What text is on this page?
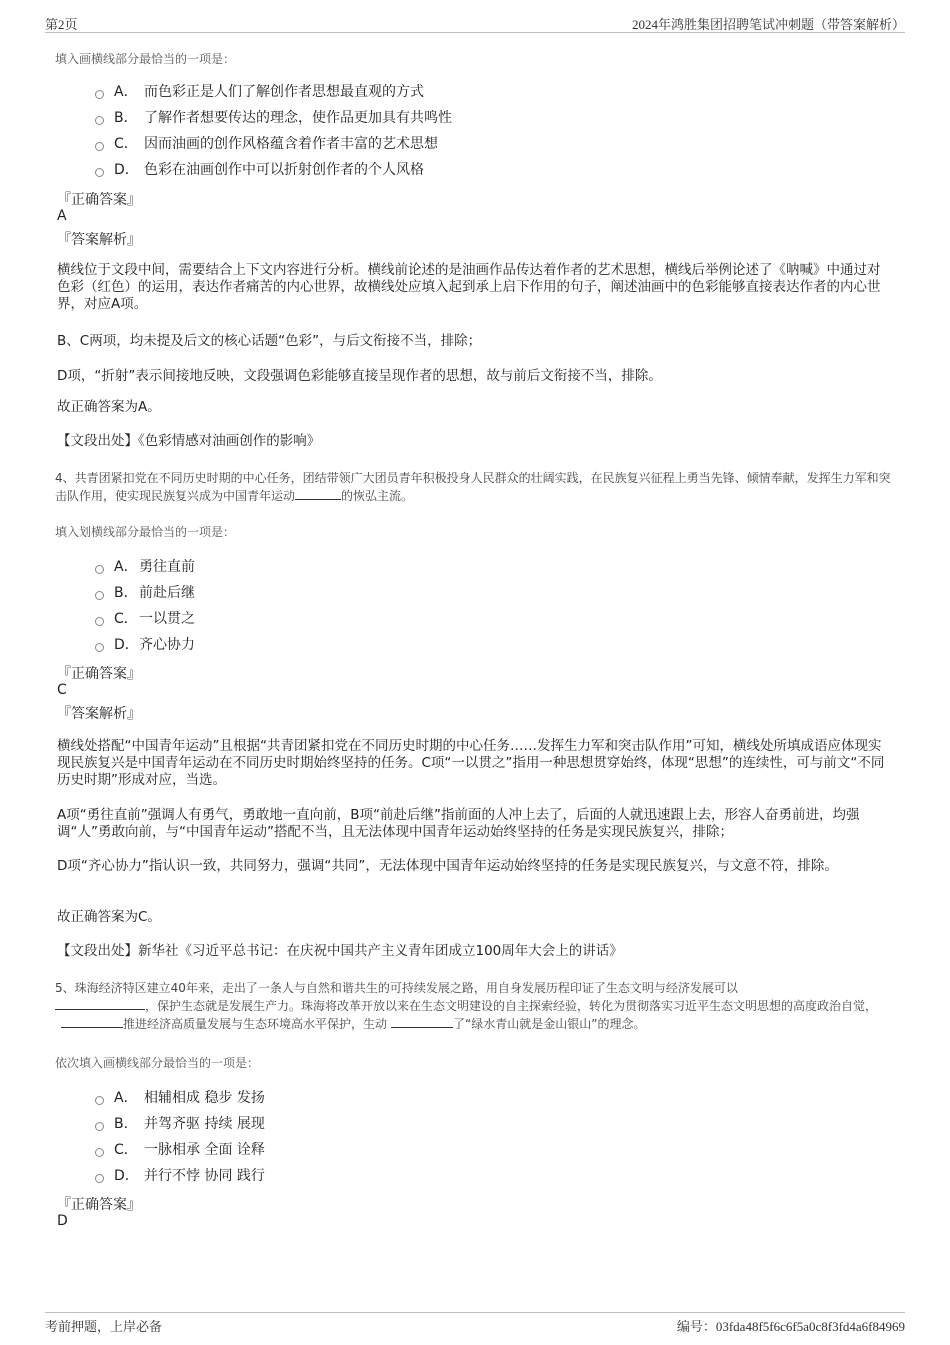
第2页	2024年鸿胜集团招聘笔试冲刺题（带答案解析）
填入画横线部分最恰当的一项是：
A． 而色彩正是人们了解创作者思想最直观的方式
B． 了解作者想要传达的理念，使作品更加具有共鸣性
C． 因而油画的创作风格蕴含着作者丰富的艺术思想
D． 色彩在油画创作中可以折射创作者的个人风格
『正确答案』
A
『答案解析』

横线位于文段中间，需要结合上下文内容进行分析。横线前论述的是油画作品传达着作者的艺术思想，横线后举例论述了《呐喊》中通过对色彩（红色）的运用，表达作者痛苦的内心世界，故横线处应填入起到承上启下作用的句子，阐述油画中的色彩能够直接表达作者的内心世界，对应A项。

B、C两项，均未提及后文的核心话题“色彩”，与后文衔接不当，排除；

D项，“折射”表示间接地反映，文段强调色彩能够直接呈现作者的思想，故与前后文衔接不当，排除。

故正确答案为A。

【文段出处】《色彩情感对油画创作的影响》

4、共青团紧扣党在不同历史时期的中心任务，团结带领广大团员青年积极投身人民群众的壮阔实践，在民族复兴征程上勇当先锋、倾情奉献，发挥生力军和突击队作用，使实现民族复兴成为中国青年运动	的恢弘主流。

填入划横线部分最恰当的一项是：
A． 勇往直前
B． 前赴后继
C． 一以贯之
D． 齐心协力
『正确答案』
C
『答案解析』

横线处搭配“中国青年运动”且根据“共青团紧扣党在不同历史时期的中心任务……发挥生力军和突击队作用”可知，横线处所填成语应体现实现民族复兴是中国青年运动在不同历史时期始终坚持的任务。C项“一以贯之”指用一种思想贯穿始终，体现“思想”的连续性，可与前文“不同历史时期”形成对应，当选。

A项“勇往直前”强调人有勇气，勇敢地一直向前，B项“前赴后继”指前面的人冲上去了，后面的人就迅速跟上去，形容人奋勇前进，均强调“人”勇敢向前，与“中国青年运动”搭配不当，且无法体现中国青年运动始终坚持的任务是实现民族复兴，排除；

D项“齐心协力”指认识一致，共同努力，强调“共同”，无法体现中国青年运动始终坚持的任务是实现民族复兴，与文意不符，排除。

故正确答案为C。

【文段出处】新华社《习近平总书记：在庆祝中国共产主义青年团成立100周年大会上的讲话》

5、珠海经济特区建立40年来，走出了一条人与自然和谐共生的可持续发展之路，用自身发展历程印证了生态文明与经济发展可以
，保护生态就是发展生产力。珠海将改革开放以来在生态文明建设的自主探索经验，转化为贯彻落实习近平生态文明思想的高度政治自觉，推进经济高质量发展与生态环境高水平保护，生动	了“绿水青山就是金山银山”的理念。

依次填入画横线部分最恰当的一项是：
A． 相辅相成 稳步 发扬
B． 并驾齐驱 持续 展现
C． 一脉相承 全面 诠释
D． 并行不悖 协同 践行
『正确答案』
D
考前押题，上岸必备	编号：03fda48f5f6c6f5a0c8f3fd4a6f84969
